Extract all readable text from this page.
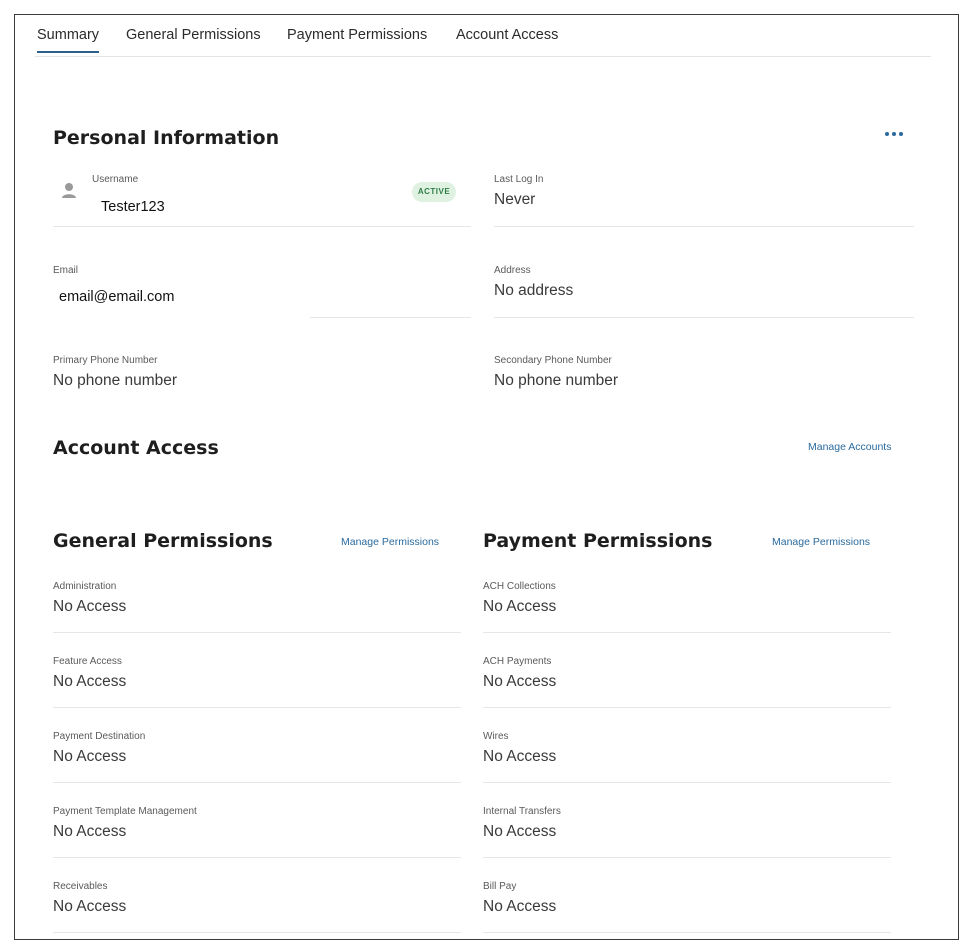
Summary General Permissions Payment Permissions Account Access
Personal Information
Username
Tester123
ACTIVE
Last Log In
Never
Email
email@email.com
Address
No address
Primary Phone Number
No phone number
Secondary Phone Number
No phone number
Account Access	Manage Accounts
General Permissions	Manage Permissions
Administration
No Access
Feature Access
No Access
Payment Destination
No Access
Payment Template Management
No Access
Receivables
No Access
Payment Permissions	Manage Permissions
ACH Collections
No Access
ACH Payments
No Access
Wires
No Access
Internal Transfers
No Access
Bill Pay
No Access
